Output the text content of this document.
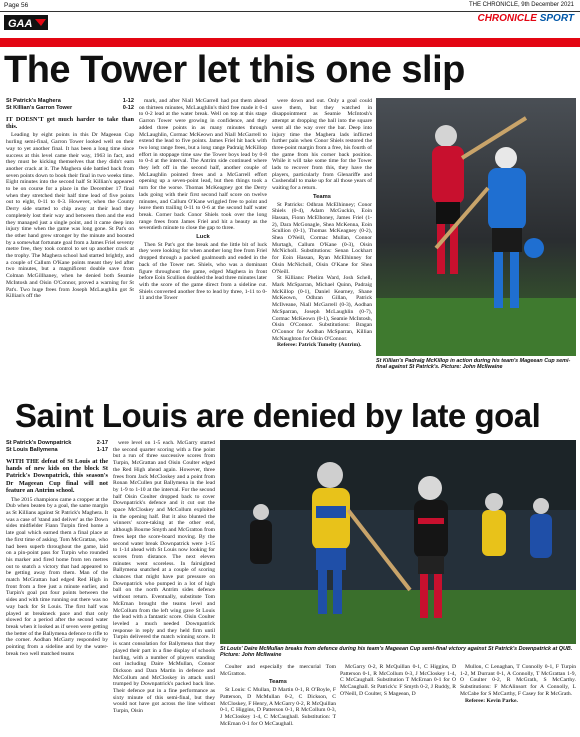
Page 56	THE CHRONICLE, 9th December 2021
GAA	CHRONICLE SPORT
The Tower let this one slip
St Patrick's Maghera	1-12
St Killian's Garron Tower	0-12

IT DOESN'T get much harder to take than this.

Leading by eight points in this Dr Mageean Cup hurling semi-final, Garron Tower looked well on their way to yet another final. It has been a long time since success at this level came their way, 1963 in fact, and they must be kicking themselves that they didn't earn another crack at it. The Maghera side battled back from seven points down to book their final in two weeks time. Eight minutes into the second half St Killian's appeared to be on course for a place in the December 17 final when they stretched their half time lead of five points out to eight, 0-11 to 0-3. However, when the County Derry side started to chip away at their lead they completely lost their way and between then and the end they managed just a single point, and it came deep into injury time when the game was long gone. St Pat's on the other hand grew stronger by the minute and boosted by a somewhat fortunate goal from a James Friel seventy metre free, they took control to set up another crack at the trophy. The Maghera school had started brightly, and a couple of Callum O'Kane points meant they led after two minutes, but a magnificent double save from Colman McGillhaney, when he denied both Seamie McIntosh and Oisin O'Connor, proved a warning for St Pat's. Two huge frees from Joseph McLaughlin got St Killian's off the

mark, and after Niall McGarrell had put them ahead on thirteen minutes, McLaughlin's third free made it 0-4 to 0-2 lead at the water break. Well on top at this stage Garron Tower were growing in confidence, and they added three points in as many minutes through McLaughlin, Cormac McKeown and Niall McGarrell to extend the lead to five points. James Friel hit back with two long range frees, but a long range Padraig McKillop effort in stoppage time saw the Tower boys lead by 0-8 to 0-4 at the interval. The Antrim side continued where they left off in the second half, another couple of McLaughlin pointed frees and a McGarrell effort opening up a seven-point lead, but then things took a turn for the worse. Thomas McKeagney got the Derry lads going with their first second half score on twelve minutes, and Callum O'Kane wriggled free to point and leave them trailing 0-11 to 0-6 at the second half water break. Corner back Conor Shiels took over the long range frees from James Friel and hit a beauty as the seventieth minute to close the gap to three.

Luck

Then St Pat's got the break and the little bit of luck they were looking for when another long free from Friel dropped through a packed goalmouth and ended in the back of the Tower net. Shiels, who was a dominant figure throughout the game, edged Maghera in front before Eoin Scullion doubled the lead three minutes later with the score of the game direct from a sideline cut. Shiels converted another free to lead by three, 1-11 to 0-11 and the Tower

were down and out. Only a goal could save them, but they watched in disappointment as Seamie McIntosh's attempt at dropping the ball into the square went all the way over the bar. Deep into injury time the Maghera lads inflicted further pain when Conor Shiels restored the three-point margin from a free, his fourth of the game from his corner back position. While it will take some time for the Tower lads to recover from this, they have the players, particularly from Glenariffe and Cushendall to make up for all those years of waiting for a return.

Teams

St Patricks: Odhran McElhinney; Conor Shiels (0-4), Adam McGuckin, Eoin Hassan, Fionn McElhoney, James Friel (1-2), Dara McGonagle, Shea McKenna, Eoin Scullion (0-1), Thomas McKeagney (0-2), Shea O'Neill, Cormac Mullan, Connor Murtagh, Callum O'Kane (0-3), Oisin McNicholl. Substitutions: Senan Lockhart for Eoin Hassan, Ryan McElhinney for Oisin McNicholl, Oisin O'Kane for Shea O'Neill.

St Killians: Phelim Ward, Josh Schell, Mark McSparran, Michael Quinn, Padraig McKillop (0-1), Daniel Kearney, Shane McKeown, Odhran Gillan, Patrick McIlveane, Niall McGarrell (0-3), Aodhan McSparran, Joseph McLaughlin (0-7), Cormac McKeown (0-1), Seamie McIntosh, Oisin O'Connor. Substitutions: Bragan O'Connor for Aodhan McSparran, Killian McNaughton for Oisin O'Connor.

Referee: Patrick Tumelty (Antrim).

St Killian's Padraig McKillop in action during his team's Mageean Cup semi-final against St Patrick's. Picture: John McIlwaine
Saint Louis are denied by late goal
St Patrick's Downpatrick	2-17
St Louis Ballymena	1-17

WITH THE defeat of St Louis at the hands of new kids on the block St Patrick's Downpatrick, this season's Dr Mageean Cup final will not feature an Antrim school.

The 2015 champions came a cropper at the Dub when beaten by a goal, the same margin as St Killians against St Patrick's Maghera. It was a case of 'stand and deliver' as the Down sides midfielder Fiann Turpin fired home a late goal which earned them a final place at the first time of asking. Tom McGrattan, who had been superb throughout the game, laid on a pin-point pass for Turpin who rounded his marker and fired home from ten metres out to snatch a victory that had appeared to be getting away from them. Man of the match McGrattan had edged Red High in front from a free just a minute earlier, and Turpin's goal put four points between the sides and with time running out there was no way back for St Louis. The first half was played at breakneck pace and that only slowed for a period after the second water break when it looked as if seven were getting the better of the Ballymena defence to rifle to the corner. Aodhan McGarry responded by pointing from a sideline and by the water-break two well matched teams

were level on 1-5 each. McGarry started the second quarter scoring with a fine point but a run of three successive scores from Turpin, McGrattan and Oisin Coulter edged the Red High ahead again. However, three frees from Jack McCloskey and a point from Ronan McCullen put Ballymena in the lead by 1-9 to 1-10 at the interval. For the second half Oisin Coulter dropped back to cover Downpatrick's defence and it cut out the space McCloskey and McCollum exploited in the opening half. But it also blunted the winners' score-taking at the other end, although Bourne Smyth and McGratton from frees kept the score-board moving. By the second water break Downpatrick were 1-15 to 1-14 ahead with St Louis now looking for scores from distance. The next eleven minutes went scoreless. In fairsighted Ballymena snatched at a couple of scoring chances that might have put pressure on Downpatrick who pumped in a lot of high ball on the north Antrim sides defence without return. Eventually, substitute Tom McErnan brought the teams level and McCollum from the left wing gave St Louis the lead with a fantastic score. Oisin Coulter leveled a much needed Downpatrick response in reply and they held firm until Turpin delivered the match winning score. It is scant consolation for Ballymena that they played their part in a fine display of schools hurling, with a number of players standing out including Daire McMullan, Connor Dickson and Dara Martin in defence and McCollum and McCloskey in attack until trumped by Downpatrick's packed back line. Their defence put in a fine performance as sixty minute of this semi-final, but they would not have got across the line without Turpin, Oisin

St Louis' Daire McMullan breaks from defence during his team's Mageean Cup semi-final victory against St Patrick's Downpatrick at QUB. Picture: John McIlwaine

Coulter and especially the mercurial Tom McGratton.

Teams

St Louis: C Mullan, D Martin 0-1, R O'Boyle, F Patterson, D McMullan 0-2, C Dickson, C McCloskey, F Henry, A McGarry 0-2, R McQuillan 0-1, C Higgins, D Patterson 0-1, R McCollum 0-3, J McCloskey 1-4, C McCaughall. Substitution: T McErnan 0-1 for O McCaughall.

McGarry 0-2, R McQuillan 0-1, C Higgins, D Patterson 0-1, R McCollum 0-3, J McCloskey 1-4, C McCaughall. Substitution T McErnan 0-1 for O McCaughall. St Patrick's: F Smyth 0-2, J Ruddy, R O'Neill, D Coulter, S Mageean, D

Mullon, C Lenaghan, T Connolly 0-1, F Turpin 1-2, M Durrant 0-1, A Connolly, T McGrattan 1-9, O Coulter 0-2, R McGrath, S McCarthy. Substitutions: F McAlinsort for A Connolly, L McCabe for S McCarthy, F Casey for R McGrath.

Referee: Kevin Parke.
